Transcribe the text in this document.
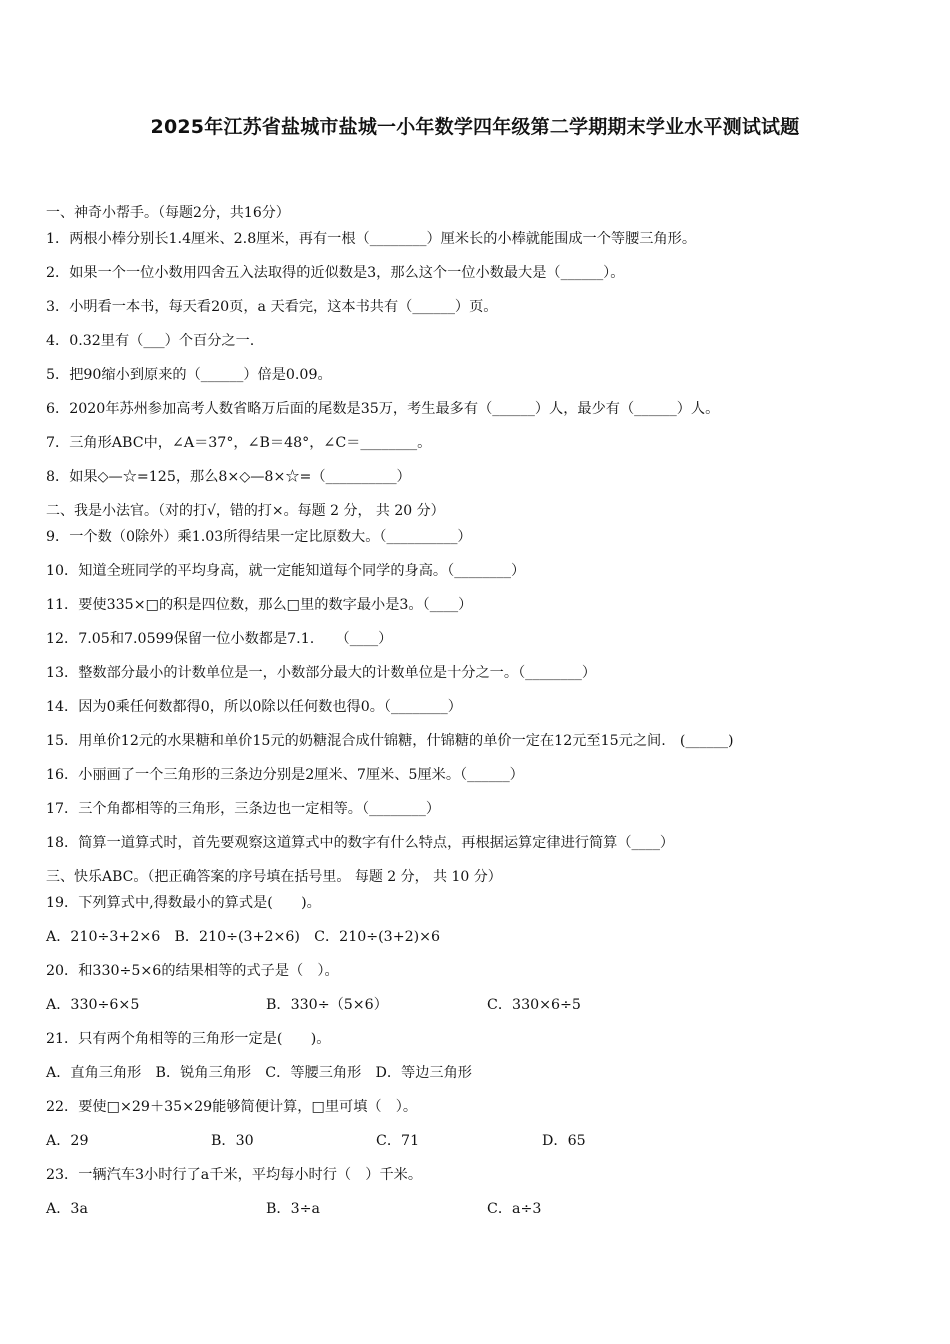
2025年江苏省盐城市盐城一小年数学四年级第二学期期末学业水平测试试题
一、神奇小帮手。（每题2分，共16分）
1．两根小棒分别长1.4厘米、2.8厘米，再有一根（________）厘米长的小棒就能围成一个等腰三角形。
2．如果一个一位小数用四舍五入法取得的近似数是3，那么这个一位小数最大是（______）。
3．小明看一本书，每天看20页，a 天看完，这本书共有（______）页。
4．0.32里有（___）个百分之一.
5．把90缩小到原来的（______）倍是0.09。
6．2020年苏州参加高考人数省略万后面的尾数是35万，考生最多有（______）人，最少有（______）人。
7．三角形ABC中，∠A＝37°，∠B＝48°，∠C＝________。
8．如果◇—☆=125，那么8×◇—8×☆=（__________）
二、我是小法官。（对的打√，错的打×。每题 2 分， 共 20 分）
9．一个数（0除外）乘1.03所得结果一定比原数大。（__________）
10．知道全班同学的平均身高，就一定能知道每个同学的身高。（________）
11．要使335×□的积是四位数，那么□里的数字最小是3。（____）
12．7.05和7.0599保留一位小数都是7.1.　　（____）
13．整数部分最小的计数单位是一，小数部分最大的计数单位是十分之一。（________）
14．因为0乘任何数都得0，所以0除以任何数也得0。（________）
15．用单价12元的水果糖和单价15元的奶糖混合成什锦糖，什锦糖的单价一定在12元至15元之间.　(______)
16．小丽画了一个三角形的三条边分别是2厘米、7厘米、5厘米。（______）
17．三个角都相等的三角形，三条边也一定相等。（________）
18．简算一道算式时，首先要观察这道算式中的数字有什么特点，再根据运算定律进行简算（____）
三、快乐ABC。（把正确答案的序号填在括号里。 每题 2 分， 共 10 分）
19．下列算式中,得数最小的算式是(　　)。
A．210÷3+2×6　B．210÷(3+2×6)　C．210÷(3+2)×6
20．和330÷5×6的结果相等的式子是（　）。
A．330÷6×5	B．330÷（5×6）	C．330×6÷5
21．只有两个角相等的三角形一定是(　　)。
A．直角三角形　B．锐角三角形　C．等腰三角形　D．等边三角形
22．要使□×29＋35×29能够简便计算，□里可填（　）。
A．29	B．30	C．71	D．65
23．一辆汽车3小时行了a千米，平均每小时行（　）千米。
A．3a	B．3÷a	C．a÷3
